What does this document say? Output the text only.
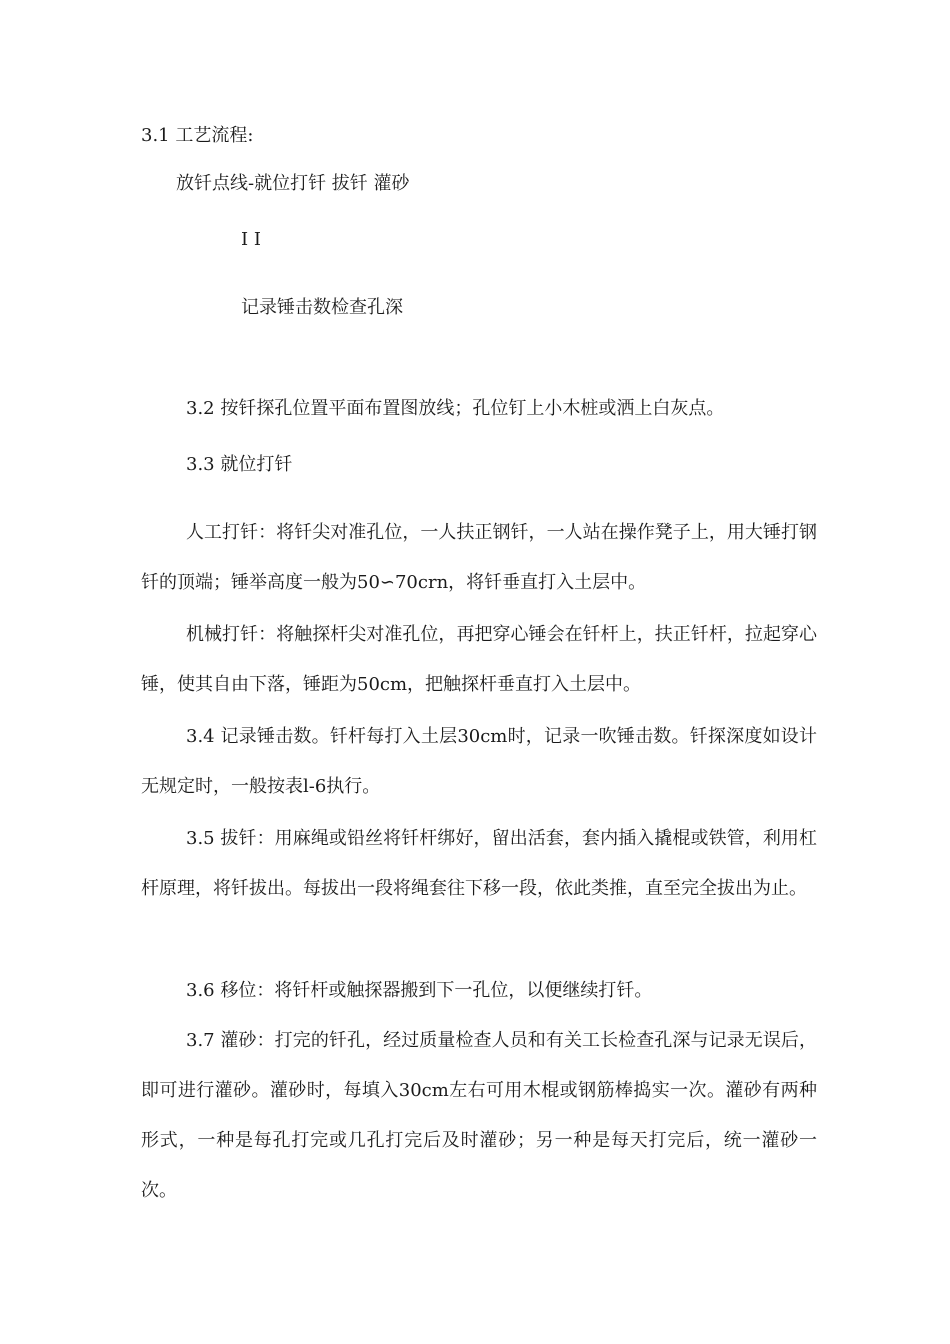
3.1 工艺流程:
放钎点线-就位打钎 拔钎 灌砂
I I
记录锤击数检查孔深
3.2 按钎探孔位置平面布置图放线；孔位钉上小木桩或洒上白灰点。
3.3 就位打钎
人工打钎：将钎尖对准孔位，一人扶正钢钎，一人站在操作凳子上，用大锤打钢钎的顶端；锤举高度一般为50∽70crn，将钎垂直打入土层中。
机械打钎：将触探杆尖对准孔位，再把穿心锤会在钎杆上，扶正钎杆，拉起穿心锤，使其自由下落，锤距为50cm，把触探杆垂直打入土层中。
3.4 记录锤击数。钎杆每打入土层30cm时，记录一吹锤击数。钎探深度如设计无规定时，一般按表l-6执行。
3.5 拔钎：用麻绳或铅丝将钎杆绑好，留出活套，套内插入撬棍或铁管，利用杠杆原理，将钎拔出。每拔出一段将绳套往下移一段，依此类推，直至完全拔出为止。
3.6 移位：将钎杆或触探器搬到下一孔位，以便继续打钎。
3.7 灌砂：打完的钎孔，经过质量检查人员和有关工长检查孔深与记录无误后，即可进行灌砂。灌砂时，每填入30cm左右可用木棍或钢筋棒捣实一次。灌砂有两种形式，一种是每孔打完或几孔打完后及时灌砂；另一种是每天打完后，统一灌砂一次。
